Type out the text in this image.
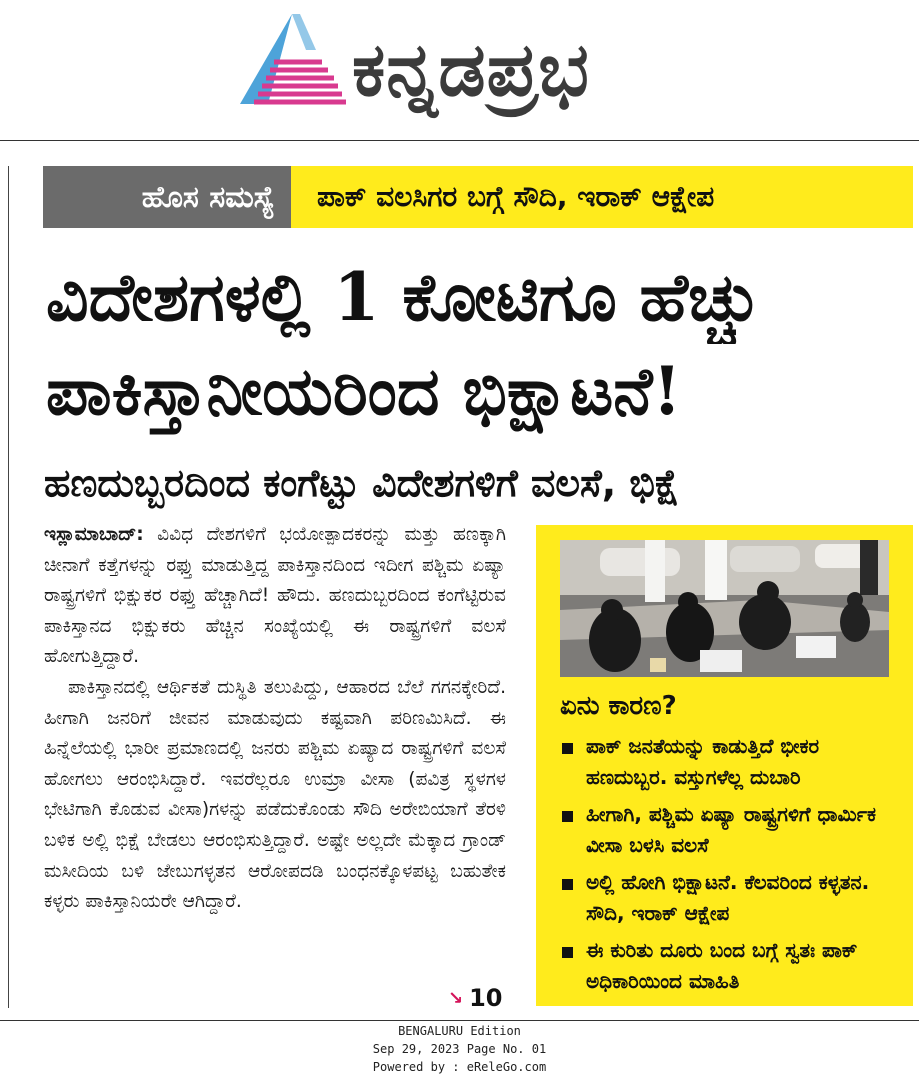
ಕನ್ನಡಪ್ರಭ
ಹೊಸ ಸಮಸ್ಯೆ	ಪಾಕ್ ವಲಸಿಗರ ಬಗ್ಗೆ ಸೌದಿ, ಇರಾಕ್ ಆಕ್ಷೇಪ
ವಿದೇಶಗಳಲ್ಲಿ 1 ಕೋಟಿಗೂ ಹೆಚ್ಚು
ಪಾಕಿಸ್ತಾನೀಯರಿಂದ ಭಿಕ್ಷಾಟನೆ!
ಹಣದುಬ್ಬರದಿಂದ ಕಂಗೆಟ್ಟು ವಿದೇಶಗಳಿಗೆ ವಲಸೆ, ಭಿಕ್ಷೆ

ಇಸ್ಲಾಮಾಬಾದ್: ವಿವಿಧ ದೇಶಗಳಿಗೆ ಭಯೋತ್ಪಾದಕರನ್ನು ಮತ್ತು ಹಣಕ್ಕಾಗಿ ಚೀನಾಗೆ ಕತ್ತೆಗಳನ್ನು ರಫ್ತು ಮಾಡುತ್ತಿದ್ದ ಪಾಕಿಸ್ತಾನದಿಂದ ಇದೀಗ ಪಶ್ಚಿಮ ಏಷ್ಯಾ ರಾಷ್ಟ್ರಗಳಿಗೆ ಭಿಕ್ಷುಕರ ರಫ್ತು ಹೆಚ್ಚಾಗಿದೆ! ಹೌದು. ಹಣದುಬ್ಬರದಿಂದ ಕಂಗೆಟ್ಟಿರುವ ಪಾಕಿಸ್ತಾನದ ಭಿಕ್ಷುಕರು ಹೆಚ್ಚಿನ ಸಂಖ್ಯೆಯಲ್ಲಿ ಈ ರಾಷ್ಟ್ರಗಳಿಗೆ ವಲಸೆ ಹೋಗುತ್ತಿದ್ದಾರೆ.

ಪಾಕಿಸ್ತಾನದಲ್ಲಿ ಆರ್ಥಿಕತೆ ದುಸ್ಥಿತಿ ತಲುಪಿದ್ದು, ಆಹಾರದ ಬೆಲೆ ಗಗನಕ್ಕೇರಿದೆ. ಹೀಗಾಗಿ ಜನರಿಗೆ ಜೀವನ ಮಾಡುವುದು ಕಷ್ಟವಾಗಿ ಪರಿಣಮಿಸಿದೆ. ಈ ಹಿನ್ನೆಲೆಯಲ್ಲಿ ಭಾರೀ ಪ್ರಮಾಣದಲ್ಲಿ ಜನರು ಪಶ್ಚಿಮ ಏಷ್ಯಾದ ರಾಷ್ಟ್ರಗಳಿಗೆ ವಲಸೆ ಹೋಗಲು ಆರಂಭಿಸಿದ್ದಾರೆ. ಇವರೆಲ್ಲರೂ ಉಮ್ರಾ ವೀಸಾ (ಪವಿತ್ರ ಸ್ಥಳಗಳ ಭೇಟಿಗಾಗಿ ಕೊಡುವ ವೀಸಾ)ಗಳನ್ನು ಪಡೆದುಕೊಂಡು ಸೌದಿ ಅರೇಬಿಯಾಗೆ ತೆರಳಿ ಬಳಿಕ ಅಲ್ಲಿ ಭಿಕ್ಷೆ ಬೇಡಲು ಆರಂಭಿಸುತ್ತಿದ್ದಾರೆ. ಅಷ್ಟೇ ಅಲ್ಲದೇ ಮೆಕ್ಕಾದ ಗ್ರಾಂಡ್ ಮಸೀದಿಯ ಬಳಿ ಜೇಬುಗಳ್ಳತನ ಆರೋಪದಡಿ ಬಂಧನಕ್ಕೊಳಪಟ್ಟ ಬಹುತೇಕ ಕಳ್ಳರು ಪಾಕಿಸ್ತಾನಿಯರೇ ಆಗಿದ್ದಾರೆ.

↘ 10
ಏನು ಕಾರಣ?
ಪಾಕ್ ಜನತೆಯನ್ನು ಕಾಡುತ್ತಿದೆ ಭೀಕರ ಹಣದುಬ್ಬರ. ವಸ್ತುಗಳೆಲ್ಲ ದುಬಾರಿ
ಹೀಗಾಗಿ, ಪಶ್ಚಿಮ ಏಷ್ಯಾ ರಾಷ್ಟ್ರಗಳಿಗೆ ಧಾರ್ಮಿಕ ವೀಸಾ ಬಳಸಿ ವಲಸೆ
ಅಲ್ಲಿ ಹೋಗಿ ಭಿಕ್ಷಾಟನೆ. ಕೆಲವರಿಂದ ಕಳ್ಳತನ. ಸೌದಿ, ಇರಾಕ್ ಆಕ್ಷೇಪ
ಈ ಕುರಿತು ದೂರು ಬಂದ ಬಗ್ಗೆ ಸ್ವತಃ ಪಾಕ್ ಅಧಿಕಾರಿಯಿಂದ ಮಾಹಿತಿ
BENGALURU Edition
Sep 29, 2023 Page No. 01
Powered by : eReleGo.com
